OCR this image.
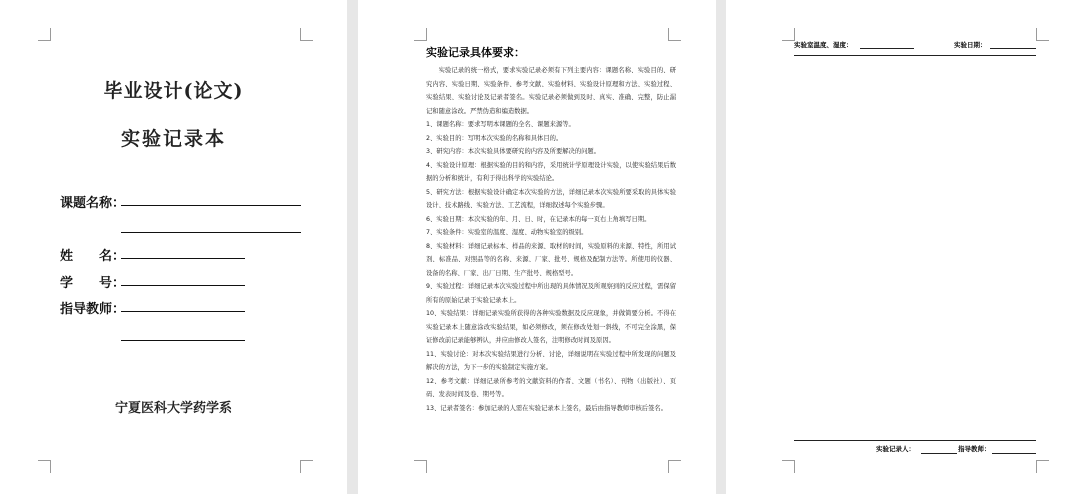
毕业设计(论文)
实验记录本
课题名称：
姓　　名：
学　　号：
指导教师：
宁夏医科大学药学系
实验记录具体要求：

实验记录的统一格式，要求实验记录必须有下列主要内容：课题名称、实验目的、研究内容、实验日期、实验条件、参考文献、实验材料、实验设计原理和方法、实验过程、实验结果、实验讨论及记录者签名。实验记录必须做到及时、真实、准确、完整，防止漏记和随意涂改。严禁伪造和编造数据。

1、课题名称：要求写明本课题的全名、课题来源等。

2、实验目的：写明本次实验的名称和具体目的。

3、研究内容：本次实验具体要研究的内容及所要解决的问题。

4、实验设计原理：根据实验的目的和内容，采用统计学原理设计实验，以使实验结果后数据的分析和统计，有利于得出科学的实验结论。

5、研究方法：根据实验设计确定本次实验的方法，详细记录本次实验所要采取的具体实验设计、技术路线、实验方法、工艺流程，详细叙述每个实验步骤。

6、实验日期：本次实验的年、月、日、时，在记录本的每一页右上角填写日期。

7、实验条件：实验室的温度、湿度、动物实验室的级别。

8、实验材料：详细记录标本、样品的来源、取材的时间，实验原料的来源、特性，所用试剂、标准品、对照品等的名称、来源、厂家、批号、规格及配制方法等。所使用的仪器、设备的名称、厂家、出厂日期、生产批号、规格型号。

9、实验过程：详细记录本次实验过程中所出现的具体情况及所观察到的反应过程，需保留所有的原始记录于实验记录本上。

10、实验结果：详细记录实验所获得的各种实验数据及反应现象，并做简要分析。不得在实验记录本上随意涂改实验结果，如必须修改，须在修改处划一斜线，不可完全涂黑，保证修改前记录能够辨认，并应由修改人签名，注明修改时间及原因。

11、实验讨论：对本次实验结果进行分析、讨论，详细说明在实验过程中所发现的问题及解决的方法，为下一步的实验制定实施方案。

12、参考文献：详细记录所参考的文献资料的作者、文题（书名）、刊物（出版社）、页码、发表时间及卷、期号等。

13、记录者签名：参加记录的人需在实验记录本上签名，最后由指导教师审核后签名。

实验室温度、湿度：	实验日期：
实验记录人：	指导教师：
